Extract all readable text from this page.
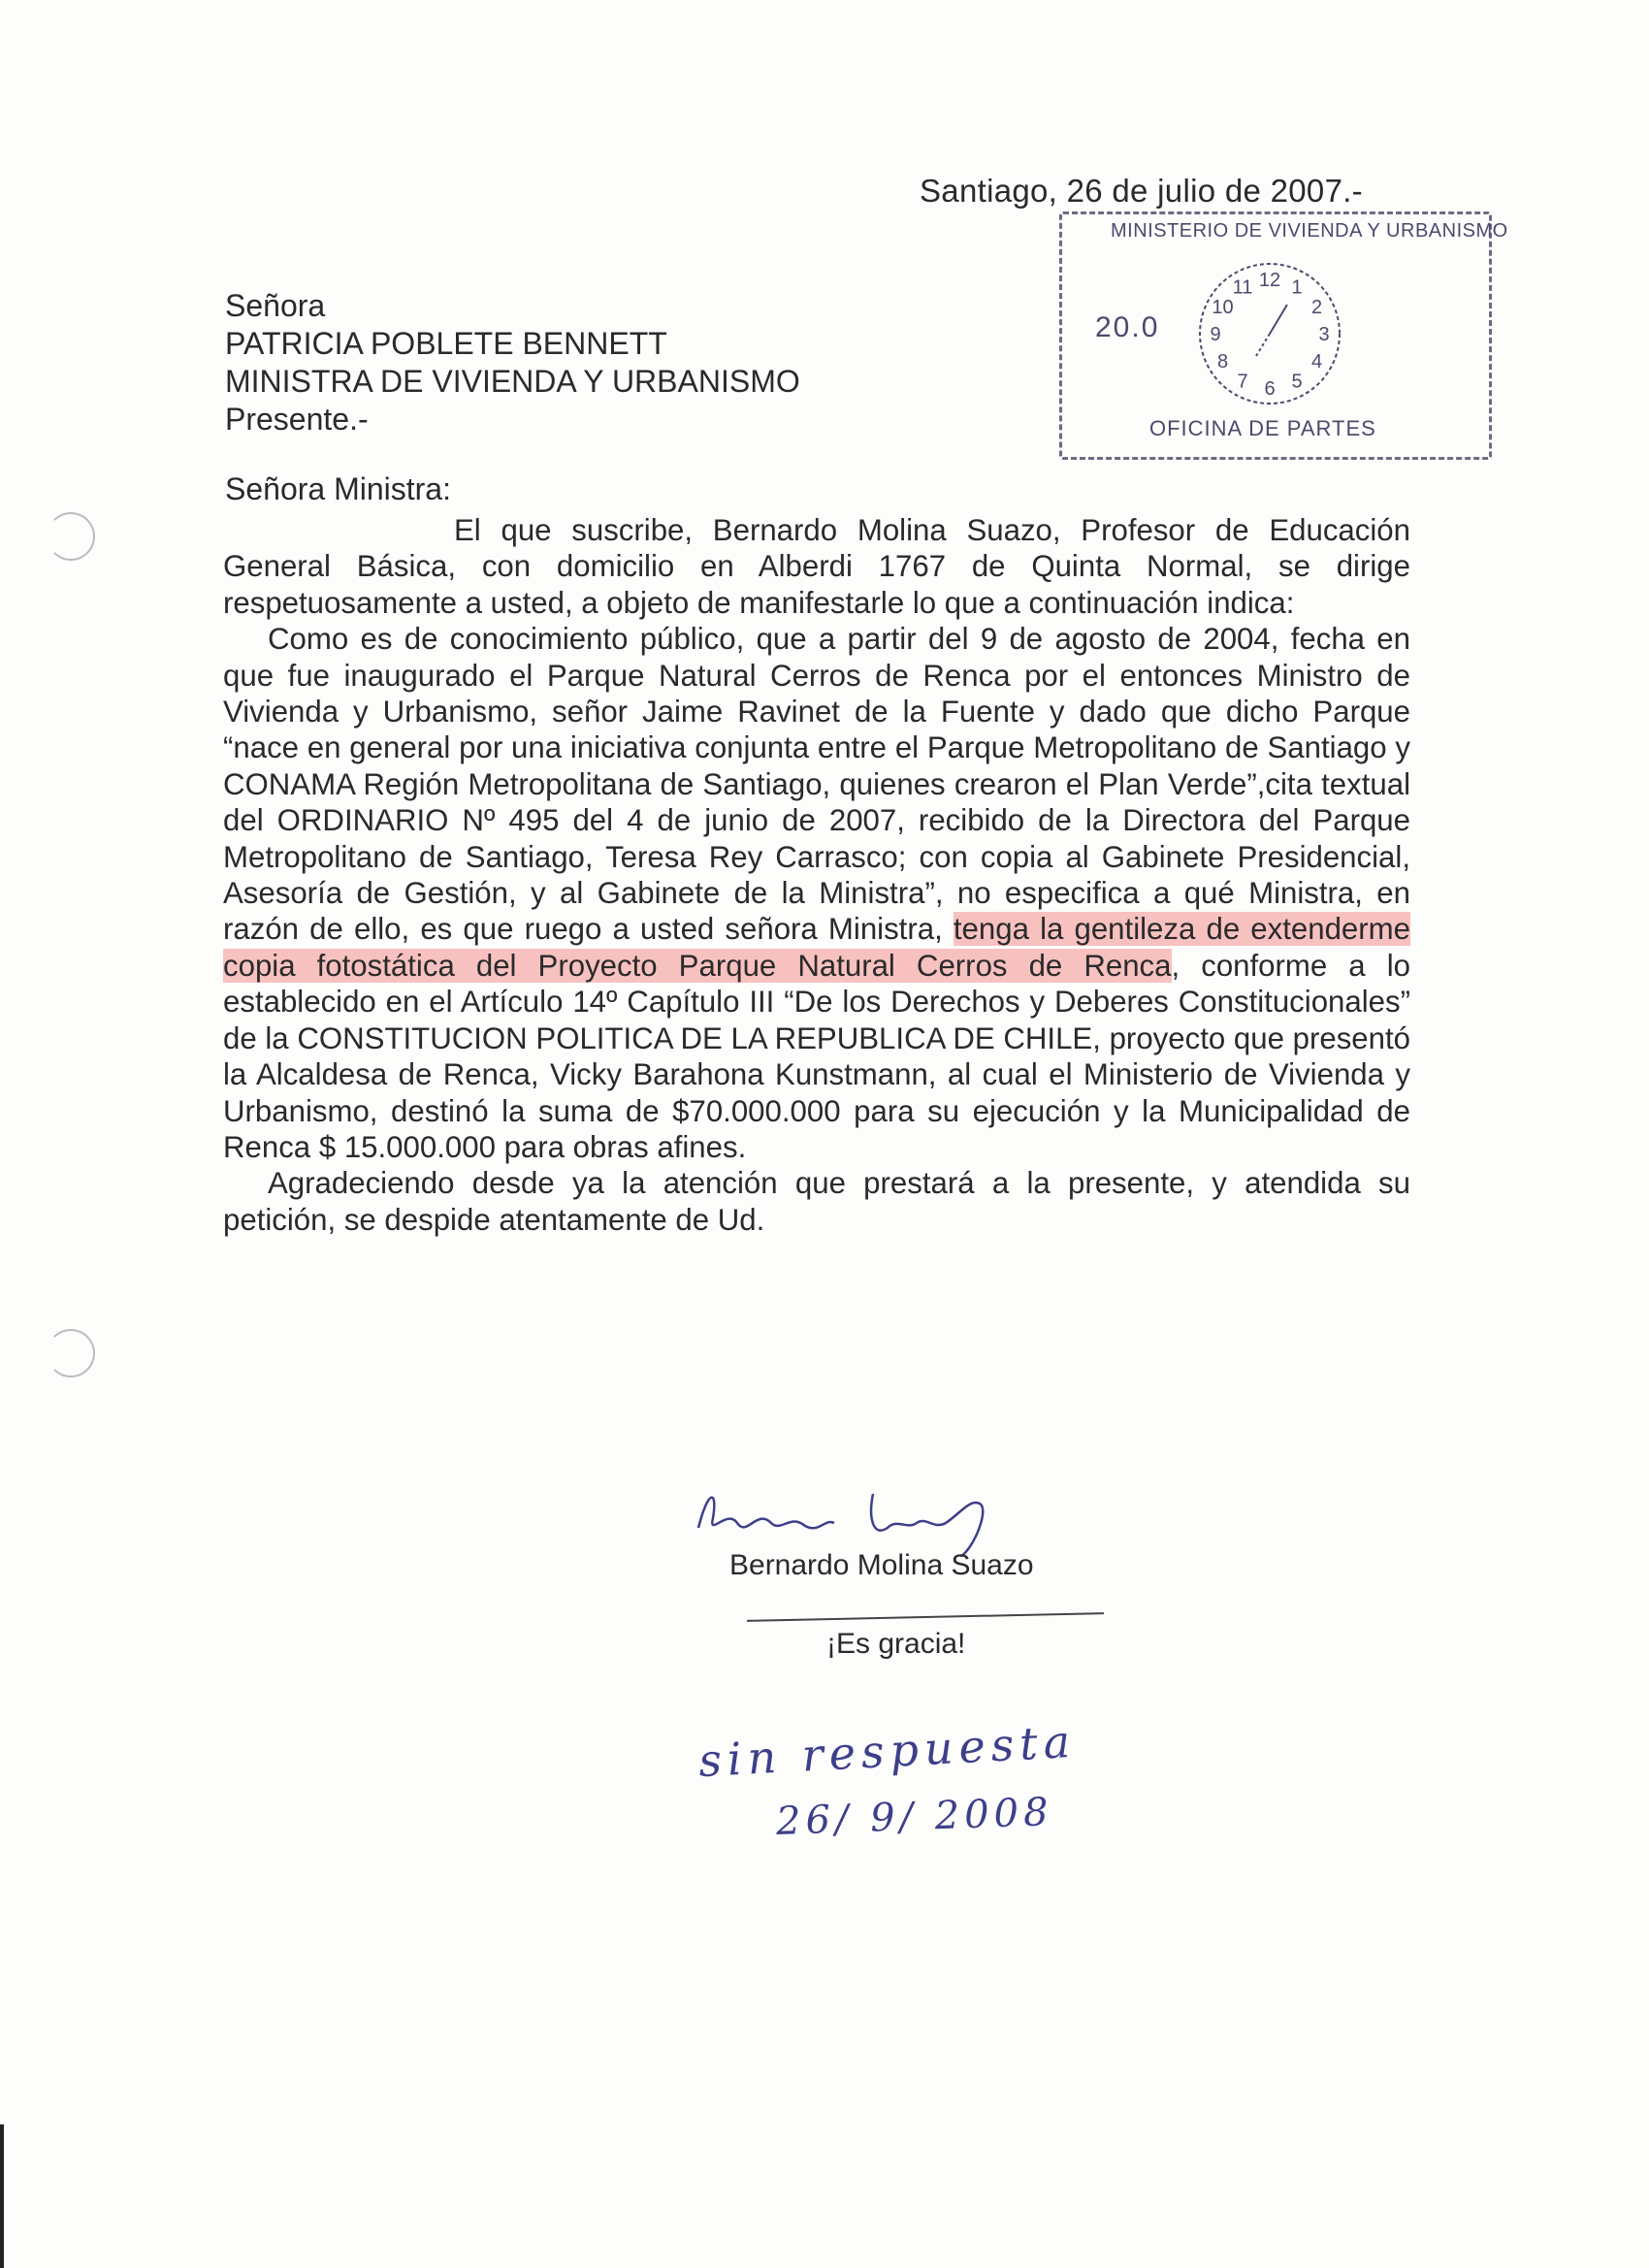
Santiago, 26 de julio de 2007.-
MINISTERIO DE VIVIENDA Y URBANISMO
20.0
11 12 1
2
3
4
5
6
7
8
9
10
OFICINA DE PARTES
Señora
PATRICIA POBLETE BENNETT
MINISTRA DE VIVIENDA Y URBANISMO
Presente.-
Señora Ministra:

El que suscribe, Bernardo Molina Suazo, Profesor de Educación General Básica, con domicilio en Alberdi 1767 de Quinta Normal, se dirige respetuosamente a usted, a objeto de manifestarle lo que a continuación indica:

Como es de conocimiento público, que a partir del 9 de agosto de 2004, fecha en que fue inaugurado el Parque Natural Cerros de Renca por el entonces Ministro de Vivienda y Urbanismo, señor Jaime Ravinet de la Fuente y dado que dicho Parque “nace en general por una iniciativa conjunta entre el Parque Metropolitano de Santiago y CONAMA Región Metropolitana de Santiago, quienes crearon el Plan Verde”,cita textual del ORDINARIO Nº 495 del 4 de junio de 2007, recibido de la Directora del Parque Metropolitano de Santiago, Teresa Rey Carrasco; con copia al Gabinete Presidencial, Asesoría de Gestión, y al Gabinete de la Ministra”, no especifica a qué Ministra, en razón de ello, es que ruego a usted señora Ministra, tenga la gentileza de extenderme copia fotostática del Proyecto Parque Natural Cerros de Renca, conforme a lo establecido en el Artículo 14º Capítulo III “De los Derechos y Deberes Constitucionales” de la CONSTITUCION POLITICA DE LA REPUBLICA DE CHILE, proyecto que presentó la Alcaldesa de Renca, Vicky Barahona Kunstmann, al cual el Ministerio de Vivienda y Urbanismo, destinó la suma de $70.000.000 para su ejecución y la Municipalidad de Renca $ 15.000.000 para obras afines.

Agradeciendo desde ya la atención que prestará a la presente, y atendida su petición, se despide atentamente de Ud.

Bernardo Molina Suazo
¡Es gracia!
sin respuesta
26/ 9/ 2008
